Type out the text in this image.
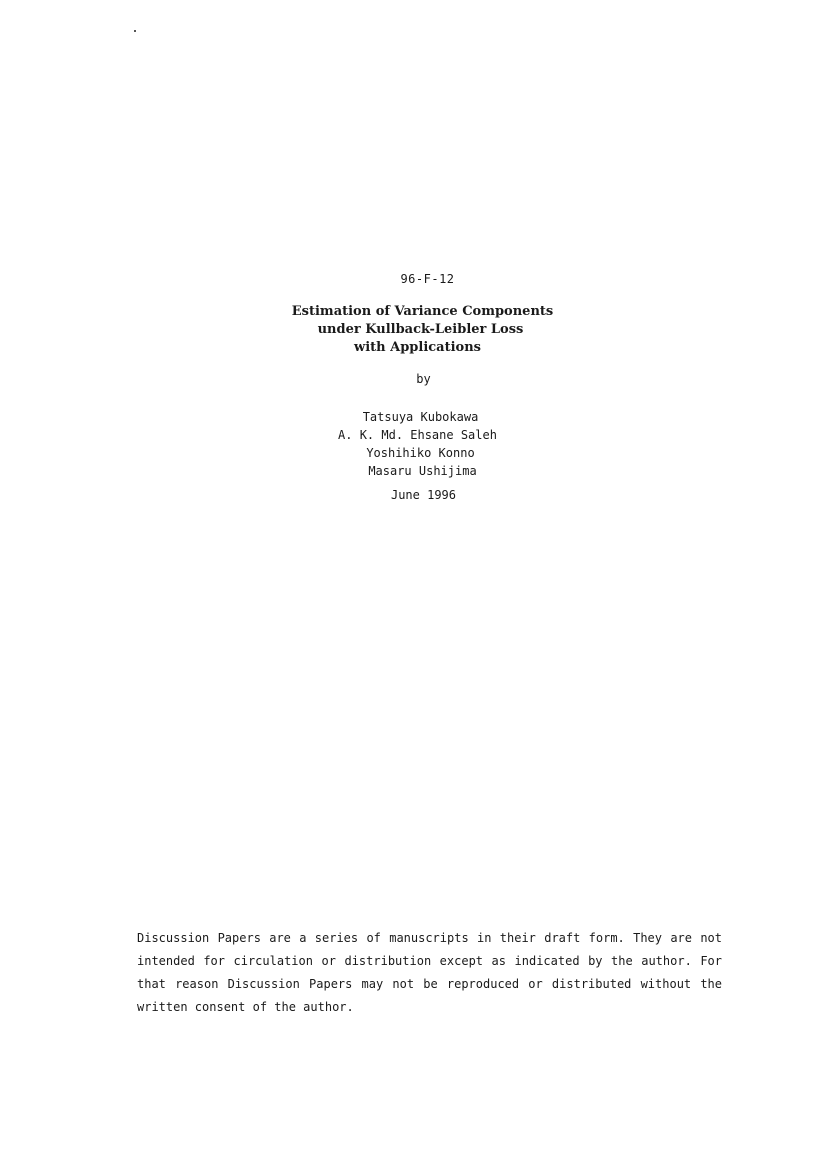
96-F-12
Estimation of Variance Components
under Kullback-Leibler Loss
with Applications
by
Tatsuya Kubokawa
A. K. Md. Ehsane Saleh
Yoshihiko Konno
Masaru Ushijima
June 1996
Discussion Papers are a series of manuscripts in their draft form. They are not intended for circulation or distribution except as indicated by the author. For that reason Discussion Papers may not be reproduced or distributed without the written consent of the author.
